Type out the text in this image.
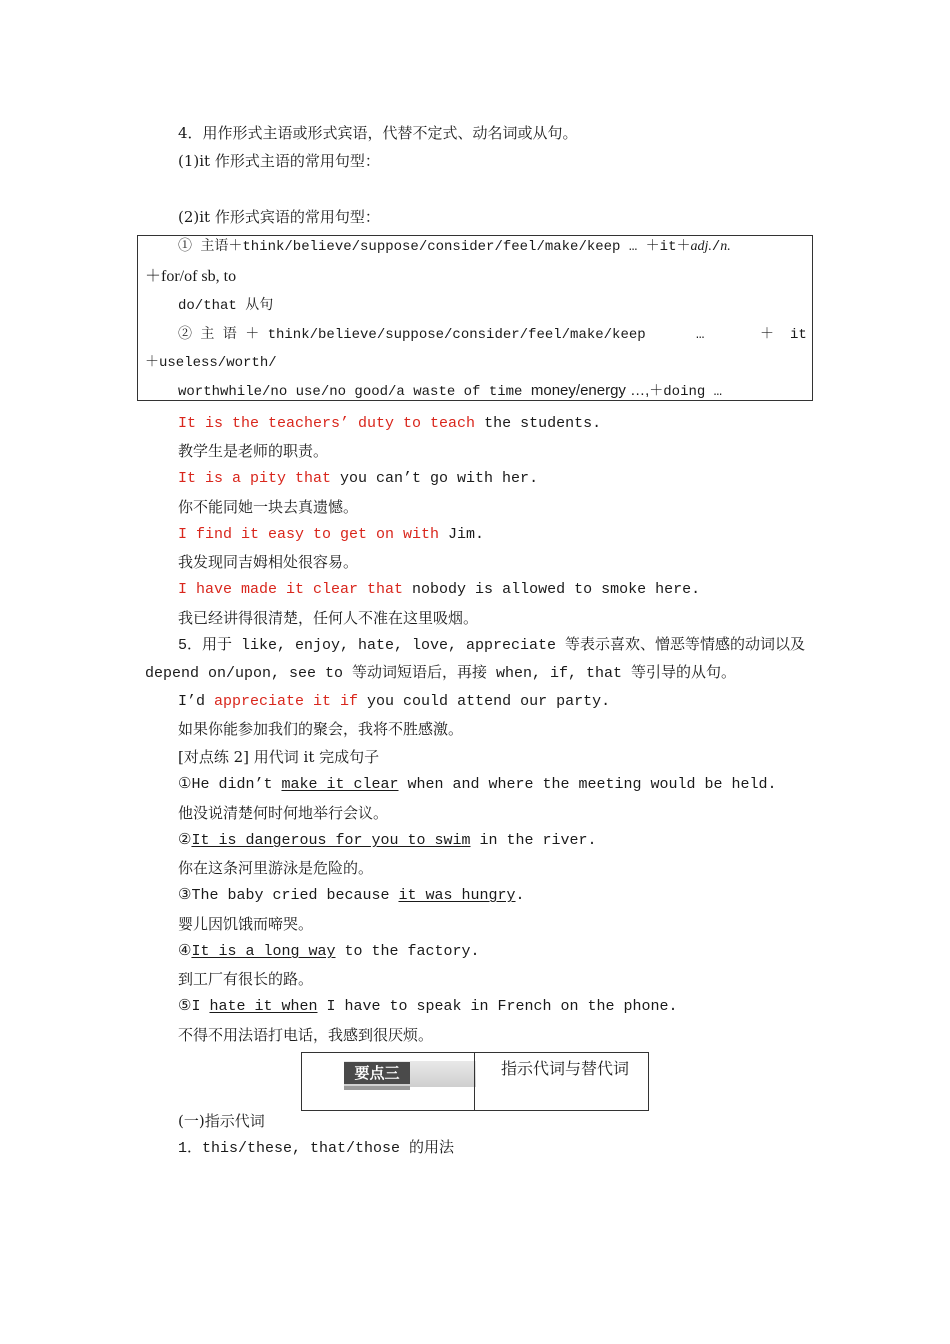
4．用作形式主语或形式宾语，代替不定式、动名词或从句。
(1)it 作形式主语的常用句型：
(2)it 作形式宾语的常用句型：
① 主语＋think/believe/suppose/consider/feel/make/keep … ＋it＋adj./n.
＋for/of sb, to
do/that 从句
② 主 语 ＋ think/believe/suppose/consider/feel/make/keep	…	＋ it
＋useless/worth/
worthwhile/no use/no good/a waste of time money/energy …,＋doing …
It is the teachers’ duty to teach the students.
教学生是老师的职责。
It is a pity that you can’t go with her.
你不能同她一块去真遗憾。
I find it easy to get on with Jim.
我发现同吉姆相处很容易。
I have made it clear that nobody is allowed to smoke here.
我已经讲得很清楚，任何人不准在这里吸烟。
5．用于 like, enjoy, hate, love, appreciate 等表示喜欢、憎恶等情感的动词以及
depend on/upon, see to 等动词短语后，再接 when, if, that 等引导的从句。
I’d appreciate it if you could attend our party.
如果你能参加我们的聚会，我将不胜感激。
[对点练 2] 用代词 it 完成句子
①He didn’t make it clear when and where the meeting would be held.
他没说清楚何时何地举行会议。
②It is dangerous for you to swim in the river.
你在这条河里游泳是危险的。
③The baby cried because it was hungry.
婴儿因饥饿而啼哭。
④It is a long way to the factory.
到工厂有很长的路。
⑤I hate it when I have to speak in French on the phone.
不得不用法语打电话，我感到很厌烦。
要点三	指示代词与替代词
(一)指示代词
1．this/these, that/those 的用法
